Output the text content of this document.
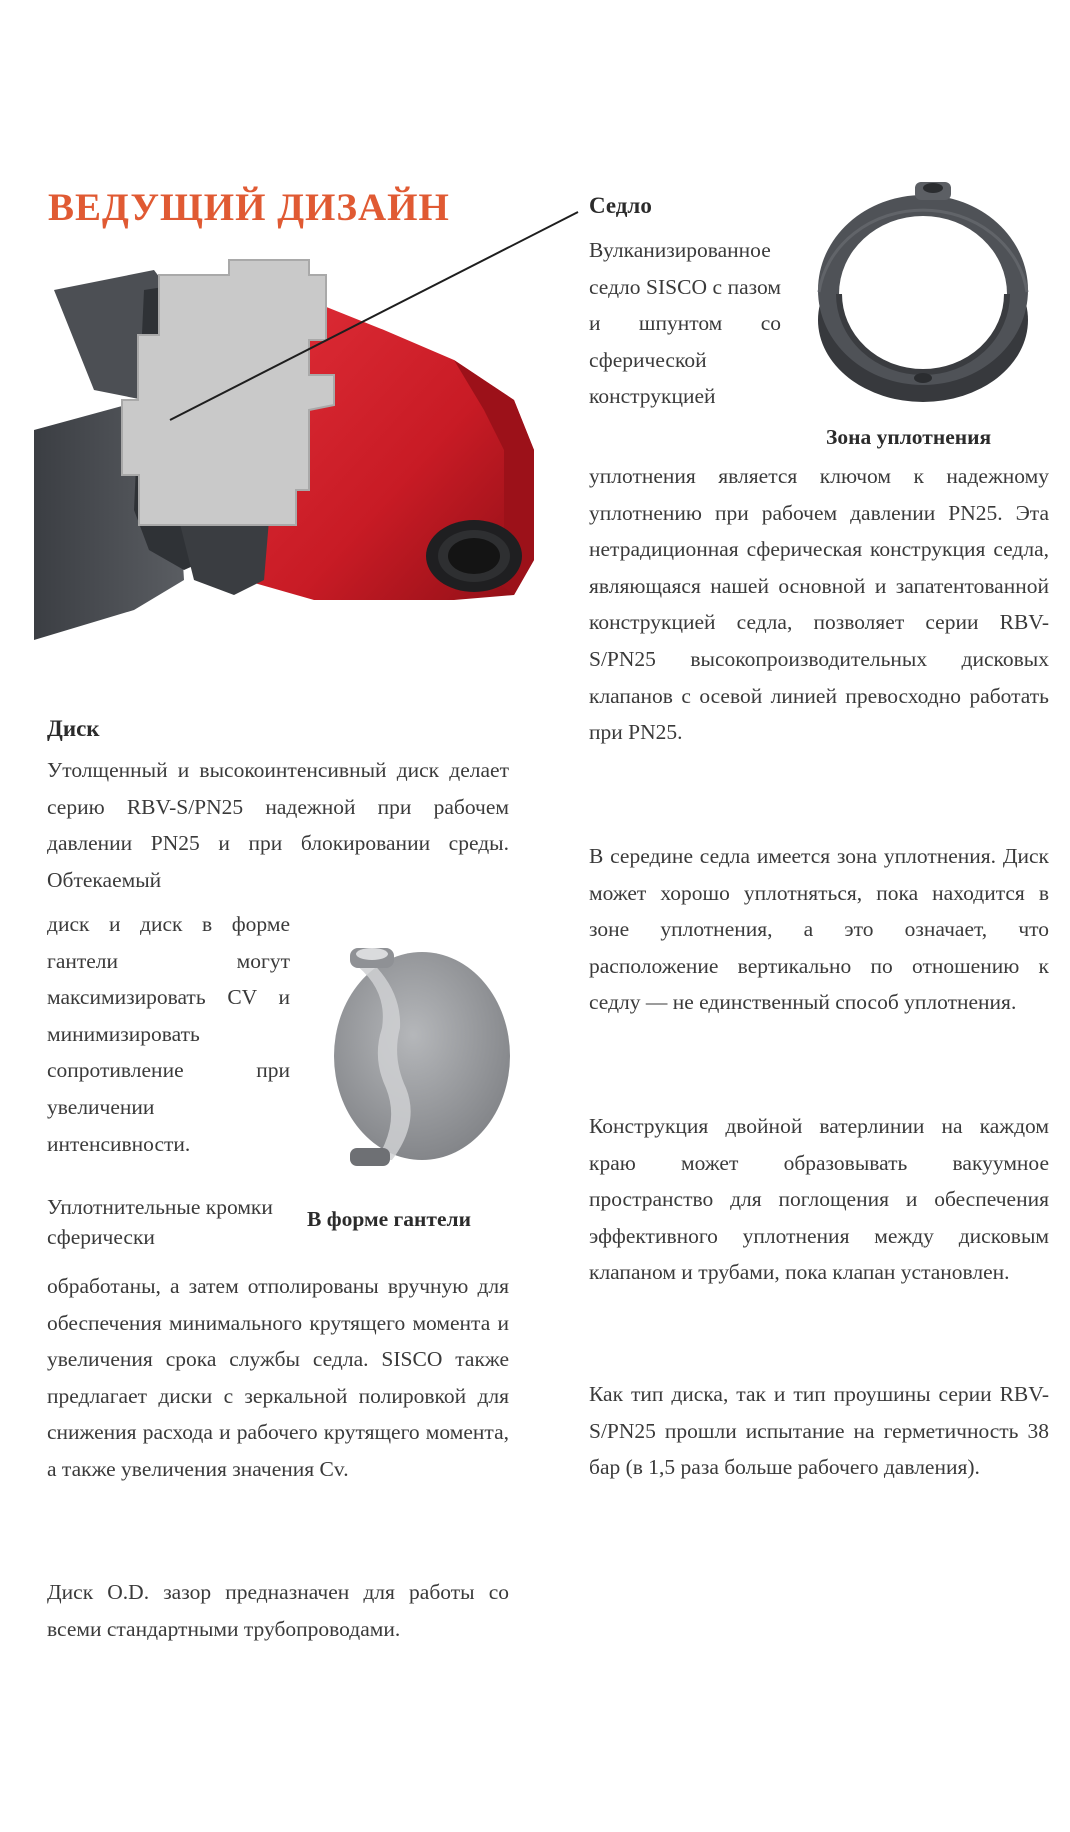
ВЕДУЩИЙ ДИЗАЙН	Седло
Вулканизированное седло SISCO с пазом и шпунтом со сферической конструкцией
Зона уплотнения
уплотнения является ключом к надежному уплотнению при рабочем давлении PN25. Эта нетрадиционная сферическая конструкция седла, являющаяся нашей основной и запатентованной конструкцией седла, позволяет серии RBV-S/PN25 высокопроизводительных дисковых клапанов с осевой линией превосходно работать при PN25.
В середине седла имеется зона уплотнения. Диск может хорошо уплотняться, пока находится в зоне уплотнения, а это означает, что расположение вертикально по отношению к седлу — не единственный способ уплотнения.
Конструкция двойной ватерлинии на каждом краю может образовывать вакуумное пространство для поглощения и обеспечения эффективного уплотнения между дисковым клапаном и трубами, пока клапан установлен.
Как тип диска, так и тип проушины серии RBV-S/PN25 прошли испытание на герметичность 38 бар (в 1,5 раза больше рабочего давления).
Диск
Утолщенный и высокоинтенсивный диск делает серию RBV-S/PN25 надежной при рабочем давлении PN25 и при блокировании среды. Обтекаемый
диск и диск в форме гантели могут максимизировать CV и минимизировать сопротивление при увеличении интенсивности.
Уплотнительные кромки сферически
В форме гантели
обработаны, а затем отполированы вручную для обеспечения минимального крутящего момента и увеличения срока службы седла. SISCO также предлагает диски с зеркальной полировкой для снижения расхода и рабочего крутящего момента, а также увеличения значения Cv.
Диск O.D. зазор предназначен для работы со всеми стандартными трубопроводами.
